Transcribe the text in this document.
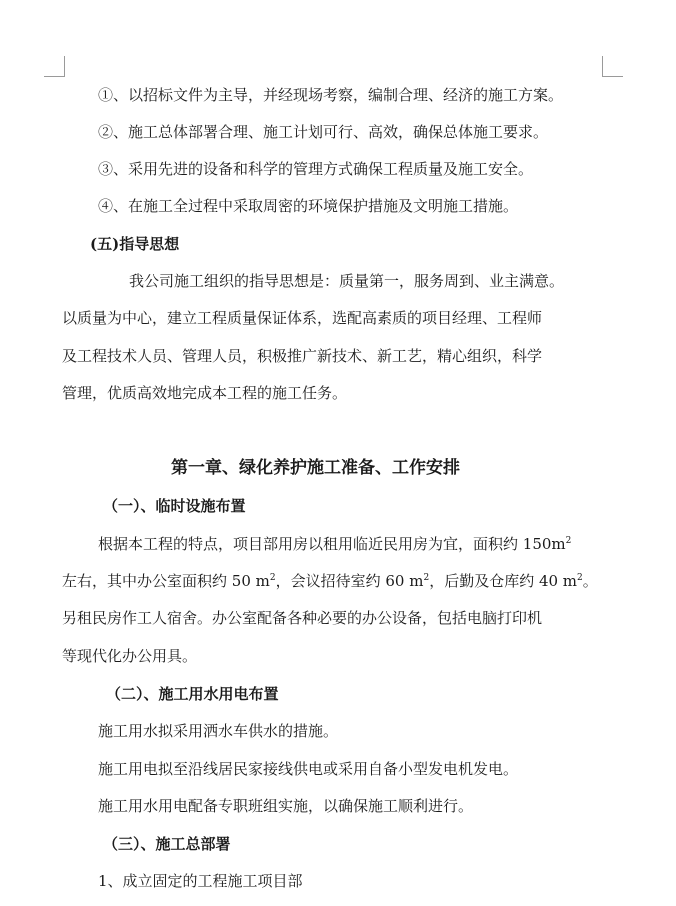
①、以招标文件为主导，并经现场考察，编制合理、经济的施工方案。
②、施工总体部署合理、施工计划可行、高效，确保总体施工要求。
③、采用先进的设备和科学的管理方式确保工程质量及施工安全。
④、在施工全过程中采取周密的环境保护措施及文明施工措施。
(五)指导思想
我公司施工组织的指导思想是：质量第一，服务周到、业主满意。
以质量为中心，建立工程质量保证体系，选配高素质的项目经理、工程师
及工程技术人员、管理人员，积极推广新技术、新工艺，精心组织，科学
管理，优质高效地完成本工程的施工任务。
第一章、绿化养护施工准备、工作安排
（一）、临时设施布置
根据本工程的特点，项目部用房以租用临近民用房为宜，面积约 $150m^2$
左右，其中办公室面积约 50 $m^2$，会议招待室约 60 $m^2$，后勤及仓库约 40 $m^2$。
另租民房作工人宿舍。办公室配备各种必要的办公设备，包括电脑打印机
等现代化办公用具。
（二）、施工用水用电布置
施工用水拟采用洒水车供水的措施。
施工用电拟至沿线居民家接线供电或采用自备小型发电机发电。
施工用水用电配备专职班组实施，以确保施工顺利进行。
（三）、施工总部署
1、成立固定的工程施工项目部
